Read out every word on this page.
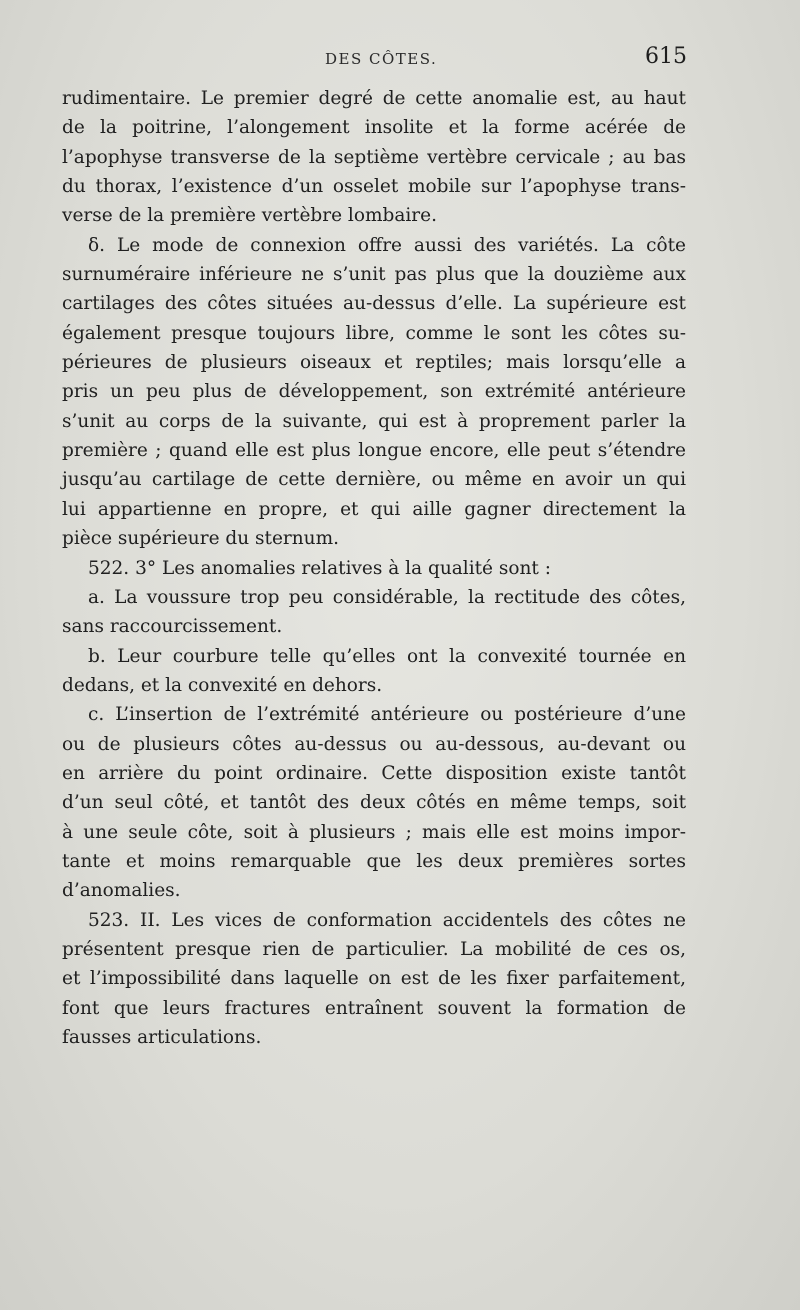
DES CÔTES.	615
rudimentaire. Le premier degré de cette anomalie est, au haut
de la poitrine, l’alongement insolite et la forme acérée de
l’apophyse transverse de la septième vertèbre cervicale ; au bas
du thorax, l’existence d’un osselet mobile sur l’apophyse trans-
verse de la première vertèbre lombaire.
δ. Le mode de connexion offre aussi des variétés. La côte
surnuméraire inférieure ne s’unit pas plus que la douzième aux
cartilages des côtes situées au-dessus d’elle. La supérieure est
également presque toujours libre, comme le sont les côtes su-
périeures de plusieurs oiseaux et reptiles; mais lorsqu’elle a
pris un peu plus de développement, son extrémité antérieure
s’unit au corps de la suivante, qui est à proprement parler la
première ; quand elle est plus longue encore, elle peut s’étendre
jusqu’au cartilage de cette dernière, ou même en avoir un qui
lui appartienne en propre, et qui aille gagner directement la
pièce supérieure du sternum.
522. 3° Les anomalies relatives à la qualité sont :
a. La voussure trop peu considérable, la rectitude des côtes,
sans raccourcissement.
b. Leur courbure telle qu’elles ont la convexité tournée en
dedans, et la convexité en dehors.
c. L’insertion de l’extrémité antérieure ou postérieure d’une
ou de plusieurs côtes au-dessus ou au-dessous, au-devant ou
en arrière du point ordinaire. Cette disposition existe tantôt
d’un seul côté, et tantôt des deux côtés en même temps, soit
à une seule côte, soit à plusieurs ; mais elle est moins impor-
tante et moins remarquable que les deux premières sortes
d’anomalies.
523. II. Les vices de conformation accidentels des côtes ne
présentent presque rien de particulier. La mobilité de ces os,
et l’impossibilité dans laquelle on est de les fixer parfaitement,
font que leurs fractures entraînent souvent la formation de
fausses articulations.
